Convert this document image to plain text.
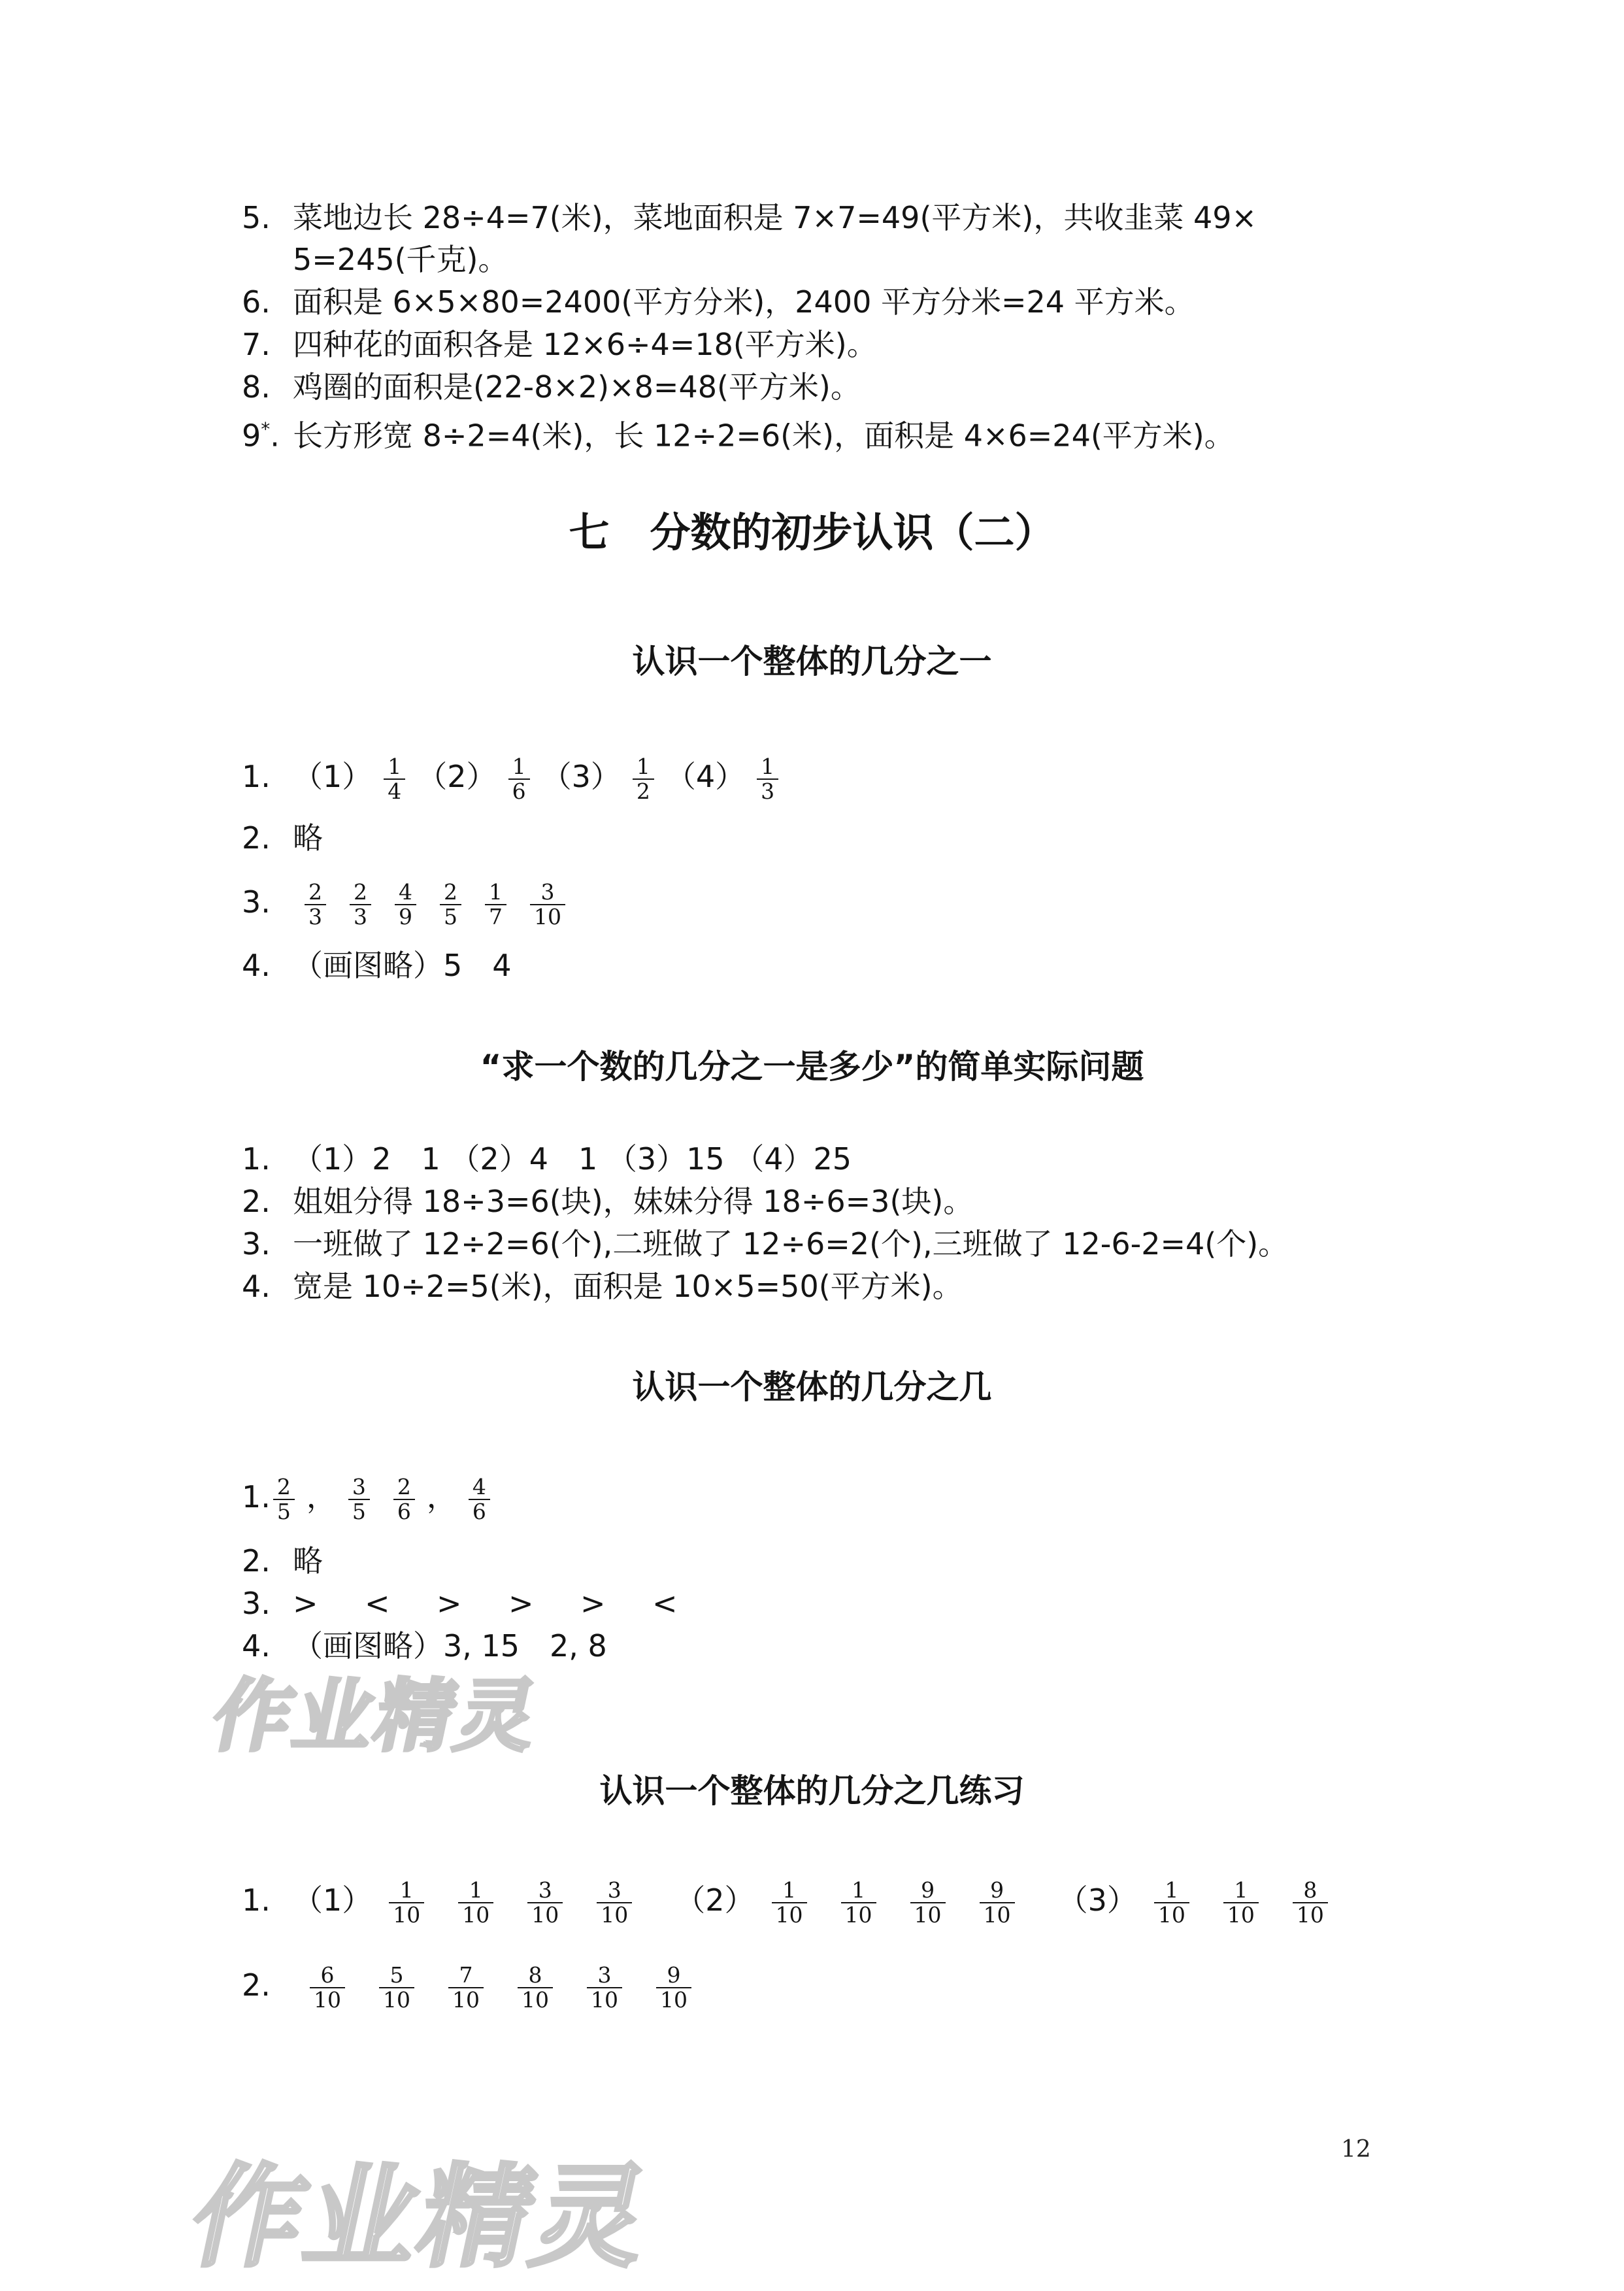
5. 菜地边长 28÷4=7(米)，菜地面积是 7×7=49(平方米)，共收韭菜 49×
5=245(千克)。
6. 面积是 6×5×80=2400(平方分米)，2400 平方分米=24 平方米。
7. 四种花的面积各是 12×6÷4=18(平方米)。
8. 鸡圈的面积是(22-8×2)×8=48(平方米)。
9*. 长方形宽 8÷2=4(米)，长 12÷2=6(米)，面积是 4×6=24(平方米)。
七　分数的初步认识（二）
认识一个整体的几分之一
1. $(1) \frac{1}{4} (2) \frac{1}{6} (3) \frac{1}{2} (4) \frac{1}{3}$
2. 略
3. $\frac{2}{3} \frac{2}{3} \frac{4}{9} \frac{2}{5} \frac{1}{7} \frac{3}{10}$
4. （画图略）5　4
“求一个数的几分之一是多少”的简单实际问题
1. （1）2　1 （2）4　1 （3）15 （4）25
2. 姐姐分得 18÷3=6(块)，妹妹分得 18÷6=3(块)。
3. 一班做了 12÷2=6(个),二班做了 12÷6=2(个),三班做了 12-6-2=4(个)。
4. 宽是 10÷2=5(米)，面积是 10×5=50(平方米)。
认识一个整体的几分之几
1. $\frac{2}{5}$ ， $\frac{3}{5} \frac{2}{6}$ ， $\frac{4}{6}$
2. 略
3. > < > > > <
4. （画图略）3, 15　2, 8
作业精灵
认识一个整体的几分之几练习
1. $(1) \frac{1}{10} \frac{1}{10} \frac{3}{10} \frac{3}{10} (2) \frac{1}{10} \frac{1}{10} \frac{9}{10} \frac{9}{10} (3) \frac{1}{10} \frac{1}{10} \frac{8}{10}$
2. $\frac{6}{10} \frac{5}{10} \frac{7}{10} \frac{8}{10} \frac{3}{10} \frac{9}{10}$
12
作业精灵
